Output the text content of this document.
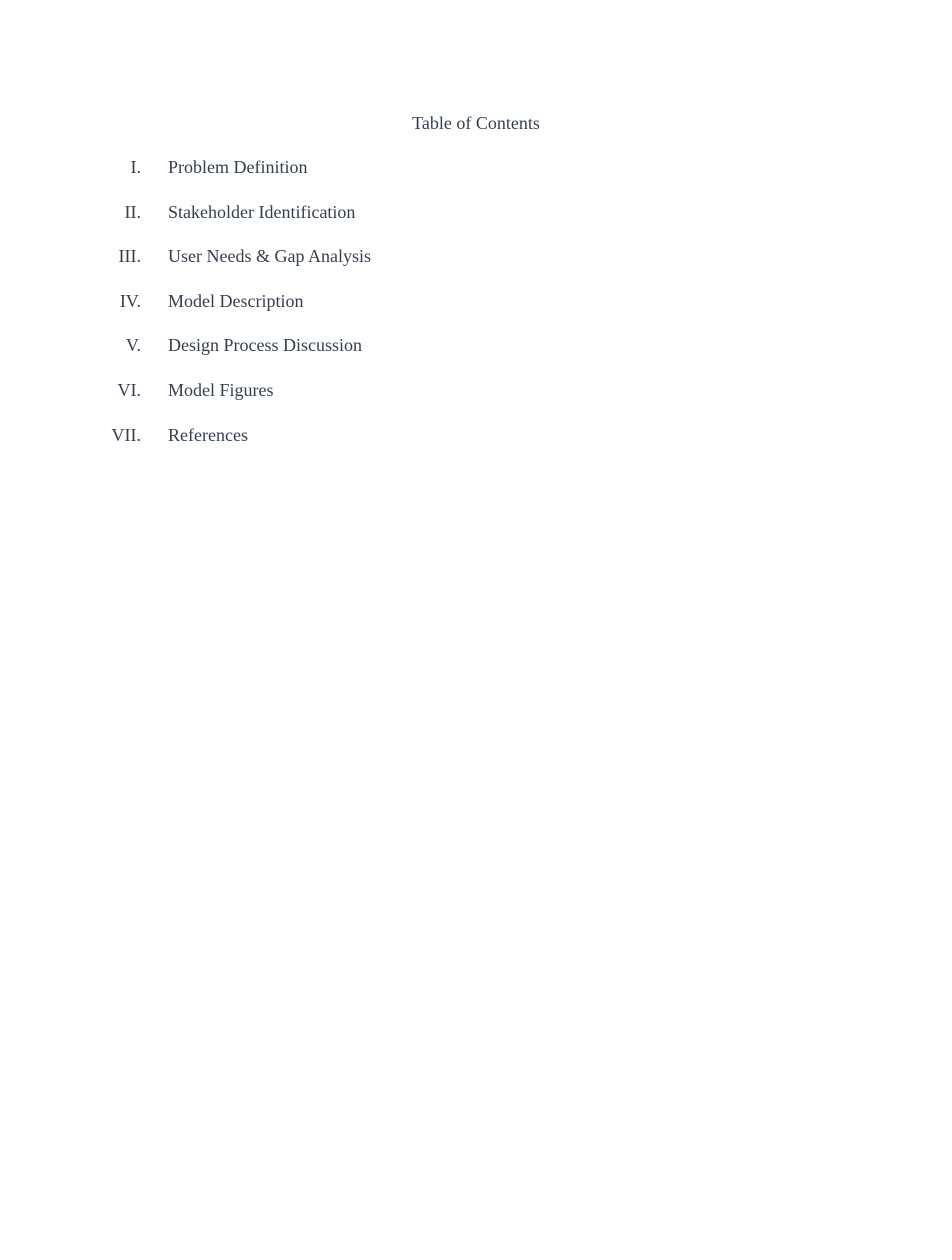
Table of Contents
I. Problem Definition
II. Stakeholder Identification
III. User Needs & Gap Analysis
IV. Model Description
V. Design Process Discussion
VI. Model Figures
VII. References
